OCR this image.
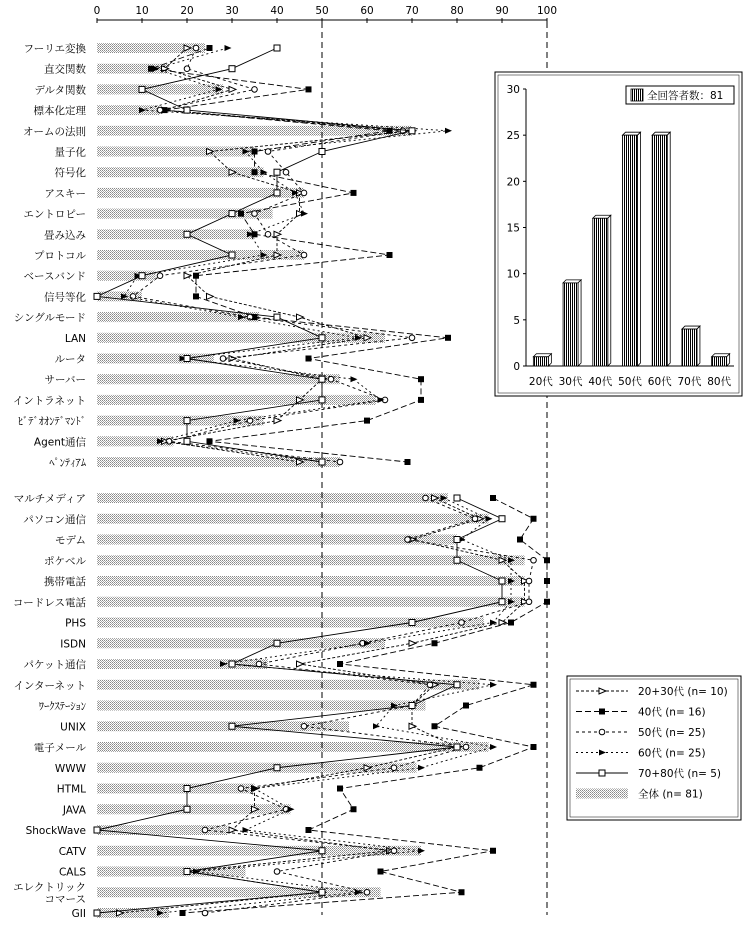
0	10	20	30	40	50	60	70	80	90	100
フーリエ変換
直交関数
デルタ関数
標本化定理
オームの法則
量子化
符号化
アスキー
エントロピー
畳み込み
プロトコル
ベースバンド
信号等化
シングルモード
LAN
ルータ
サーバー
イントラネット
ﾋﾞﾃﾞｵｵﾝﾃﾞﾏﾝﾄﾞ
Agent通信
ﾍﾟﾝﾃｨｱﾑ
マルチメディア
パソコン通信
モデム
ポケベル
携帯電話
コードレス電話
PHS
ISDN
パケット通信
インターネット
ﾜｰｸｽﾃｰｼｮﾝ
UNIX
電子メール
WWW
HTML
JAVA
ShockWave
CATV
CALS
エレクトリックコマース
GII
0
5
10
15
20
25
30
20代 30代 40代 50代 60代 70代 80代
全回答者数：81
20+30代 (n= 10)
40代 (n= 16)
50代 (n= 25)
60代 (n= 25)
70+80代 (n= 5)
全体 (n= 81)
